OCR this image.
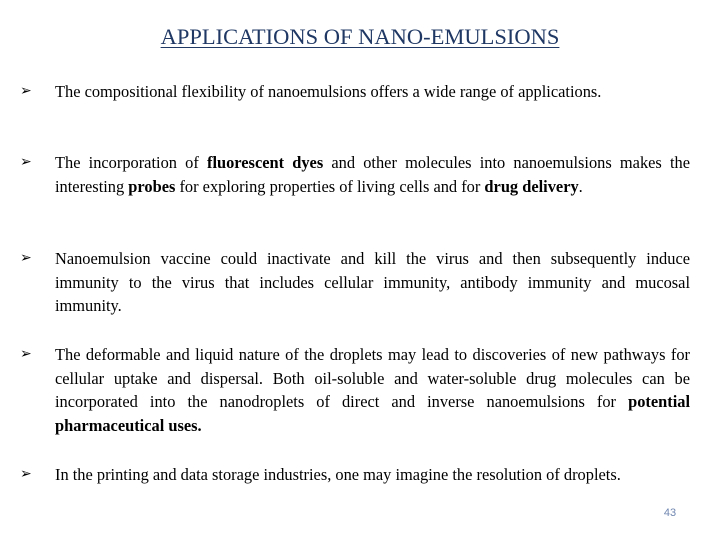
APPLICATIONS OF NANO-EMULSIONS
➢ The compositional flexibility of nanoemulsions offers a wide range of applications.
➢ The incorporation of fluorescent dyes and other molecules into nanoemulsions makes the interesting probes for exploring properties of living cells and for drug delivery.
➢ Nanoemulsion vaccine could inactivate and kill the virus and then subsequently induce immunity to the virus that includes cellular immunity, antibody immunity and mucosal immunity.
➢ The deformable and liquid nature of the droplets may lead to discoveries of new pathways for cellular uptake and dispersal. Both oil-soluble and water-soluble drug molecules can be incorporated into the nanodroplets of direct and inverse nanoemulsions for potential pharmaceutical uses.
➢ In the printing and data storage industries, one may imagine the resolution of droplets.
43
